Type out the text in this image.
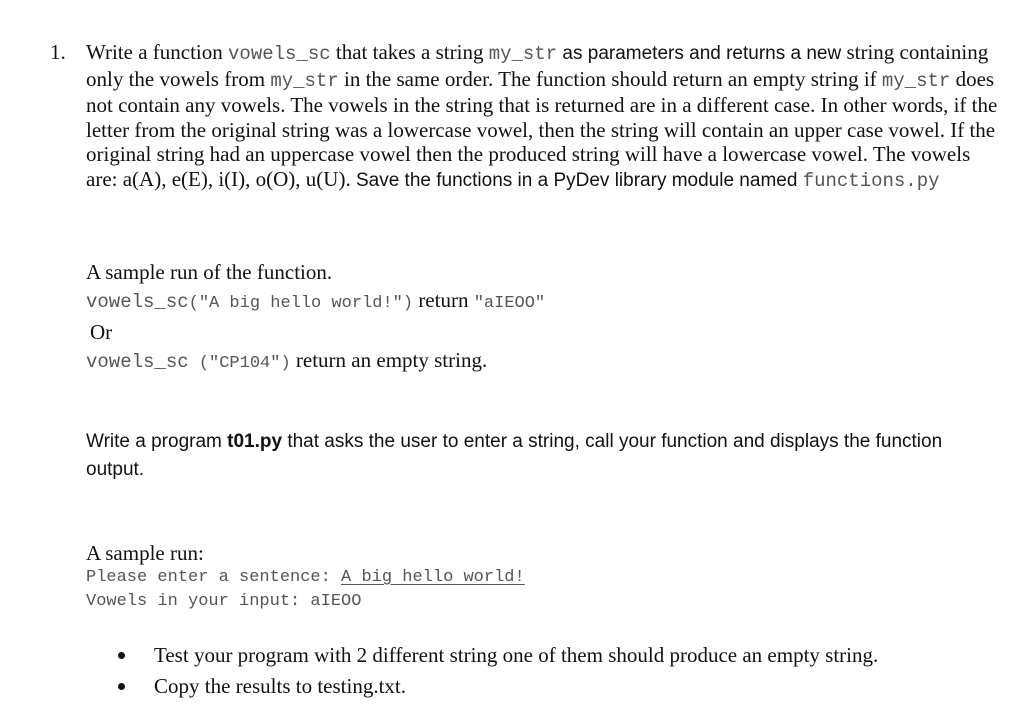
1. Write a function vowels_sc that takes a string my_str as parameters and returns a new string containing only the vowels from my_str in the same order. The function should return an empty string if my_str does not contain any vowels. The vowels in the string that is returned are in a different case. In other words, if the letter from the original string was a lowercase vowel, then the string will contain an upper case vowel. If the original string had an uppercase vowel then the produced string will have a lowercase vowel. The vowels are: a(A), e(E), i(I), o(O), u(U). Save the functions in a PyDev library module named functions.py
A sample run of the function.
vowels_sc("A big hello world!") return "aIEOO"
Or
vowels_sc ("CP104") return an empty string.
Write a program t01.py that asks the user to enter a string, call your function and displays the function output.
A sample run:
Please enter a sentence: A big hello world!
Vowels in your input: aIEOO
Test your program with 2 different string one of them should produce an empty string.
Copy the results to testing.txt.
